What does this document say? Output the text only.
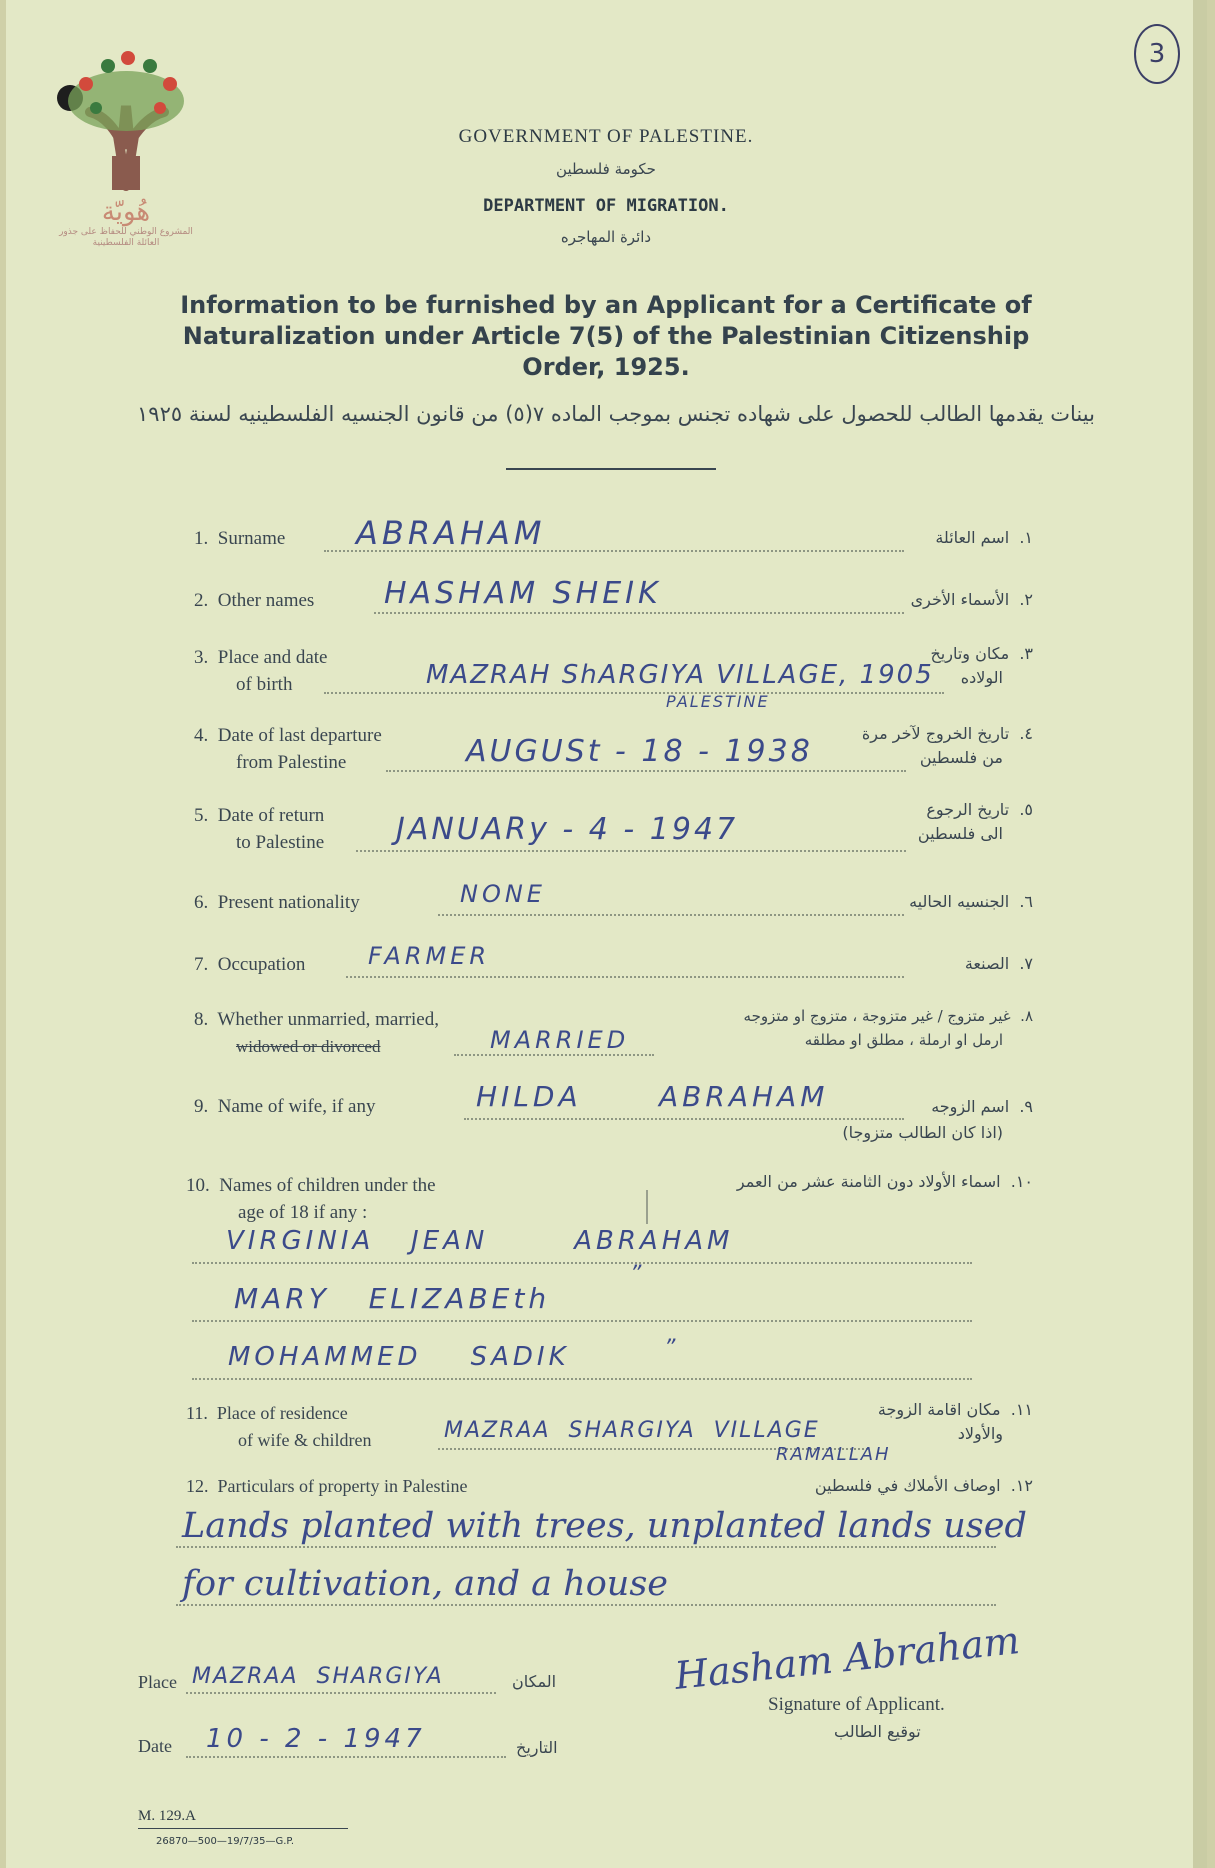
3
هُويّة
المشروع الوطني للحفاظ على جذور العائلة الفلسطينية
GOVERNMENT OF PALESTINE.
حكومة فلسطين
DEPARTMENT OF MIGRATION.
دائرة المهاجره
Information to be furnished by an Applicant for a Certificate of
Naturalization under Article 7(5) of the Palestinian Citizenship
Order, 1925.
بينات يقدمها الطالب للحصول على شهاده تجنس بموجب الماده ٧(٥) من قانون الجنسيه الفلسطينيه لسنة ١٩٢٥
1. Surname ABRAHAM	١.  اسم العائلة
2. Other names HASHAM SHEIK	٢.  الأسماء الأخرى
3. Place and date
of birth	MAZRAH ShARGIYA VILLAGE, 1905
PALESTINE
٣.  مكان وتاريخ
الولاده
4. Date of last departure
from Palestine	AUGUSt - 18 - 1938
٤.  تاريخ الخروج لآخر مرة
من فلسطين
5. Date of return
to Palestine JANUARy - 4 - 1947
٥.  تاريخ الرجوع
الى فلسطين
6. Present nationality	NONE	٦.  الجنسيه الحاليه
7. Occupation	FARMER	٧.  الصنعة
8. Whether unmarried, married,
widowed or divorced	MARRIED
٨.  غير متزوج / غير متزوجة ، متزوج او متزوجه
ارمل او ارملة ، مطلق او مطلقه
9. Name of wife, if any	HILDA      ABRAHAM	٩.  اسم الزوجه
(اذا كان الطالب متزوجا)
10. Names of children under the
age of 18 if any :
١٠.  اسماء الأولاد دون الثامنة عشر من العمر
VIRGINIA   JEAN       ABRAHAM
”
MARY   ELIZABEth
”
MOHAMMED    SADIK
11. Place of residence
of wife & children	MAZRAA  SHARGIYA  VILLAGE
RAMALLAH
١١.  مكان اقامة الزوجة
والأولاد
12. Particulars of property in Palestine	١٢.  اوصاف الأملاك في فلسطين
Lands planted with trees, unplanted lands used
for cultivation, and a house
Place MAZRAA  SHARGIYA	المكان
Date 10 - 2 - 1947	التاريخ
Hasham Abraham
Signature of Applicant.
توقيع الطالب
M. 129.A
26870—500—19/7/35—G.P.
